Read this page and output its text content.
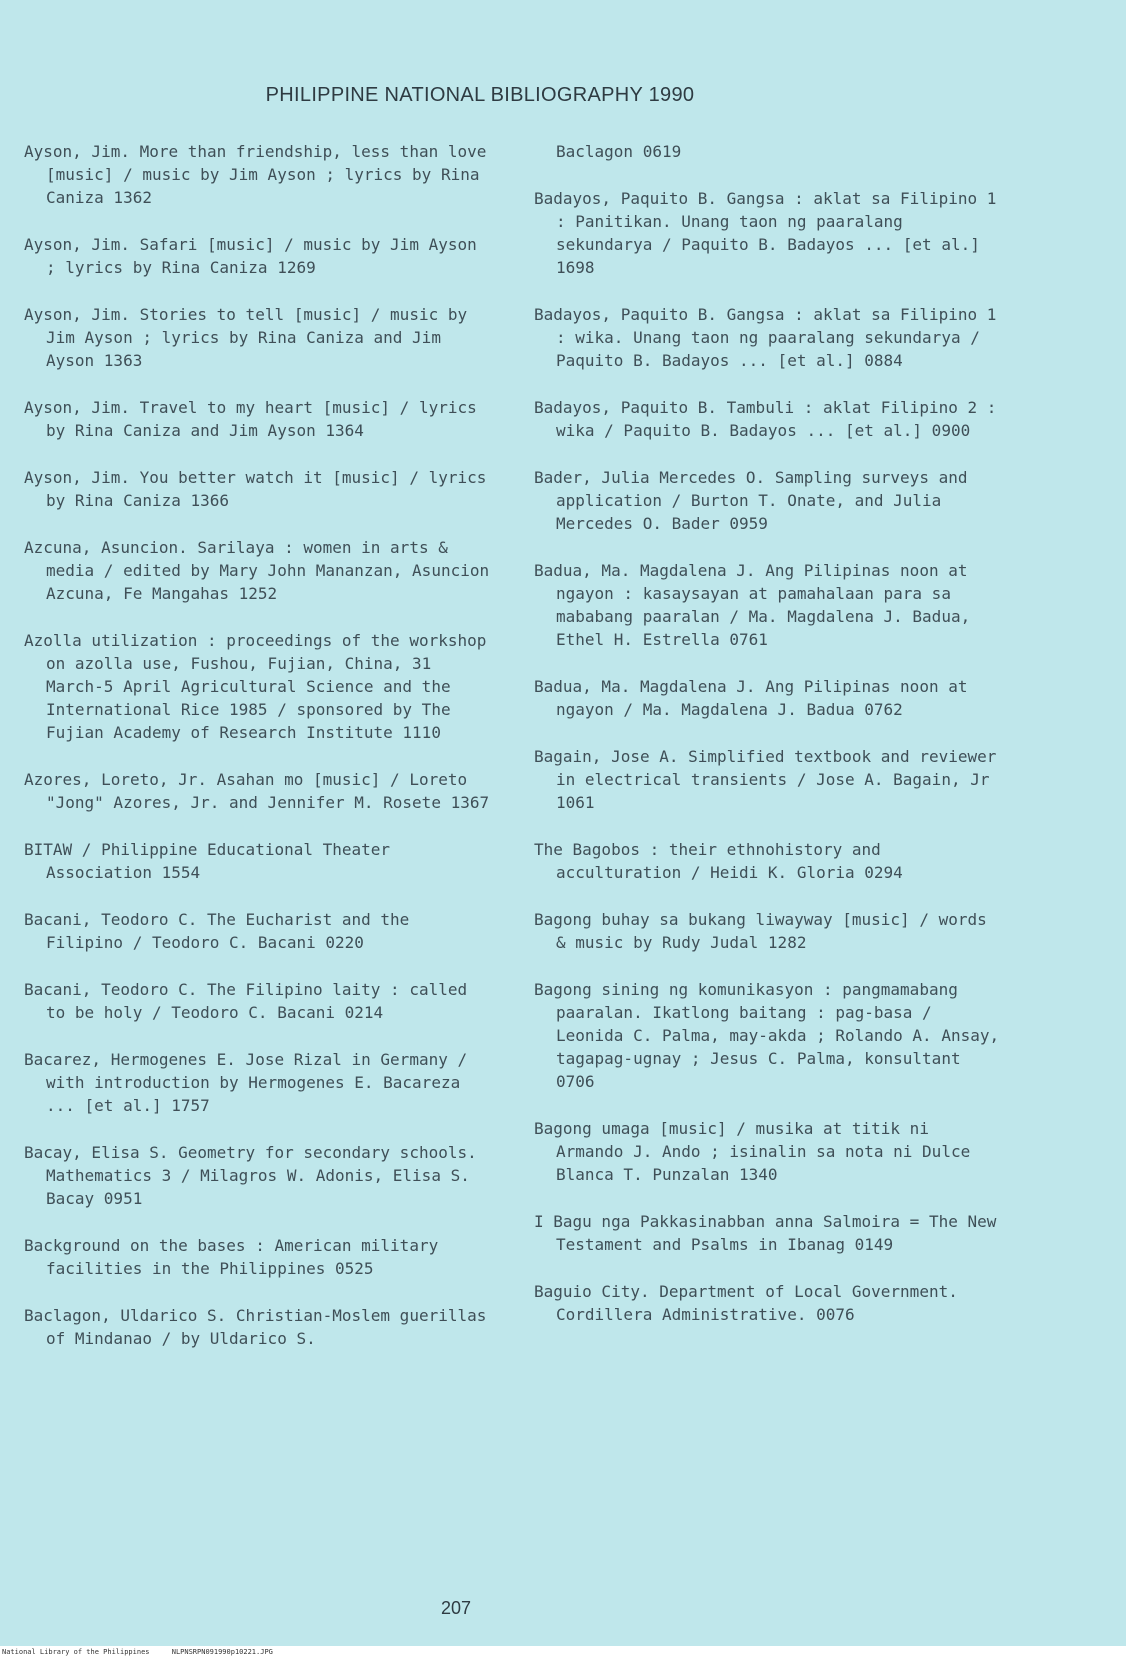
PHILIPPINE NATIONAL BIBLIOGRAPHY 1990
Ayson, Jim. More than friendship, less than love [music] / music by Jim Ayson ; lyrics by Rina Caniza 1362
Ayson, Jim. Safari [music] / music by Jim Ayson ; lyrics by Rina Caniza 1269
Ayson, Jim. Stories to tell [music] / music by Jim Ayson ; lyrics by Rina Caniza and Jim Ayson 1363
Ayson, Jim. Travel to my heart [music] / lyrics by Rina Caniza and Jim Ayson 1364
Ayson, Jim. You better watch it [music] / lyrics by Rina Caniza 1366
Azcuna, Asuncion. Sarilaya : women in arts & media / edited by Mary John Mananzan, Asuncion Azcuna, Fe Mangahas 1252
Azolla utilization : proceedings of the workshop on azolla use, Fushou, Fujian, China, 31 March-5 April Agricultural Science and the International Rice 1985 / sponsored by The Fujian Academy of Research Institute 1110
Azores, Loreto, Jr. Asahan mo [music] / Loreto "Jong" Azores, Jr. and Jennifer M. Rosete 1367
BITAW / Philippine Educational Theater Association 1554
Bacani, Teodoro C. The Eucharist and the Filipino / Teodoro C. Bacani 0220
Bacani, Teodoro C. The Filipino laity : called to be holy / Teodoro C. Bacani 0214
Bacarez, Hermogenes E. Jose Rizal in Germany / with introduction by Hermogenes E. Bacareza ... [et al.] 1757
Bacay, Elisa S. Geometry for secondary schools. Mathematics 3 / Milagros W. Adonis, Elisa S. Bacay 0951
Background on the bases : American military facilities in the Philippines 0525
Baclagon, Uldarico S. Christian-Moslem guerillas of Mindanao / by Uldarico S.
Baclagon 0619
Badayos, Paquito B. Gangsa : aklat sa Filipino 1 : Panitikan. Unang taon ng paaralang sekundarya / Paquito B. Badayos ... [et al.] 1698
Badayos, Paquito B. Gangsa : aklat sa Filipino 1 : wika. Unang taon ng paaralang sekundarya / Paquito B. Badayos ... [et al.] 0884
Badayos, Paquito B. Tambuli : aklat Filipino 2 : wika / Paquito B. Badayos ... [et al.] 0900
Bader, Julia Mercedes O. Sampling surveys and application / Burton T. Onate, and Julia Mercedes O. Bader 0959
Badua, Ma. Magdalena J. Ang Pilipinas noon at ngayon : kasaysayan at pamahalaan para sa mababang paaralan / Ma. Magdalena J. Badua, Ethel H. Estrella 0761
Badua, Ma. Magdalena J. Ang Pilipinas noon at ngayon / Ma. Magdalena J. Badua 0762
Bagain, Jose A. Simplified textbook and reviewer in electrical transients / Jose A. Bagain, Jr 1061
The Bagobos : their ethnohistory and acculturation / Heidi K. Gloria 0294
Bagong buhay sa bukang liwayway [music] / words & music by Rudy Judal 1282
Bagong sining ng komunikasyon : pangmamabang paaralan. Ikatlong baitang : pag-basa / Leonida C. Palma, may-akda ; Rolando A. Ansay, tagapag-ugnay ; Jesus C. Palma, konsultant 0706
Bagong umaga [music] / musika at titik ni Armando J. Ando ; isinalin sa nota ni Dulce Blanca T. Punzalan 1340
I Bagu nga Pakkasinabban anna Salmoira = The New Testament and Psalms in Ibanag 0149
Baguio City. Department of Local Government. Cordillera Administrative. 0076
207
National Library of the Philippines	NLPNSRPN091990p10221.JPG
